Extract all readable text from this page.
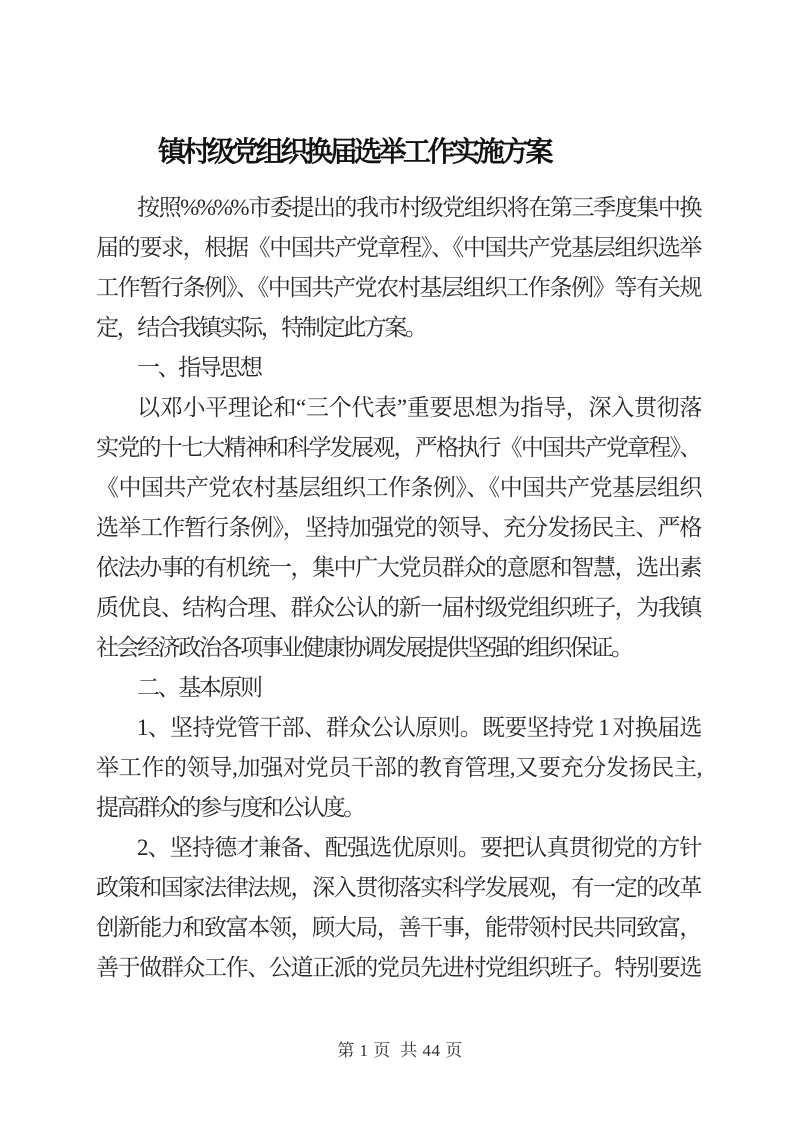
镇村级党组织换届选举工作实施方案
按照%%%%市委提出的我市村级党组织将在第三季度集中换
届的要求，根据《中国共产党章程》、《中国共产党基层组织选举
工作暂行条例》、《中国共产党农村基层组织工作条例》等有关规
定，结合我镇实际，特制定此方案。
一、指导思想
以邓小平理论和“三个代表”重要思想为指导，深入贯彻落
实党的十七大精神和科学发展观，严格执行《中国共产党章程》、
《中国共产党农村基层组织工作条例》、《中国共产党基层组织
选举工作暂行条例》，坚持加强党的领导、充分发扬民主、严格
依法办事的有机统一，集中广大党员群众的意愿和智慧，选出素
质优良、结构合理、群众公认的新一届村级党组织班子，为我镇
社会经济政治各项事业健康协调发展提供坚强的组织保证。
二、基本原则
1、坚持党管干部、群众公认原则。既要坚持党 1 对换届选
举工作的领导,加强对党员干部的教育管理,又要充分发扬民主,
提高群众的参与度和公认度。
2、坚持德才兼备、配强选优原则。要把认真贯彻党的方针
政策和国家法律法规，深入贯彻落实科学发展观，有一定的改革
创新能力和致富本领，顾大局，善干事，能带领村民共同致富，
善于做群众工作、公道正派的党员先进村党组织班子。特别要选
第 1 页  共 44 页
